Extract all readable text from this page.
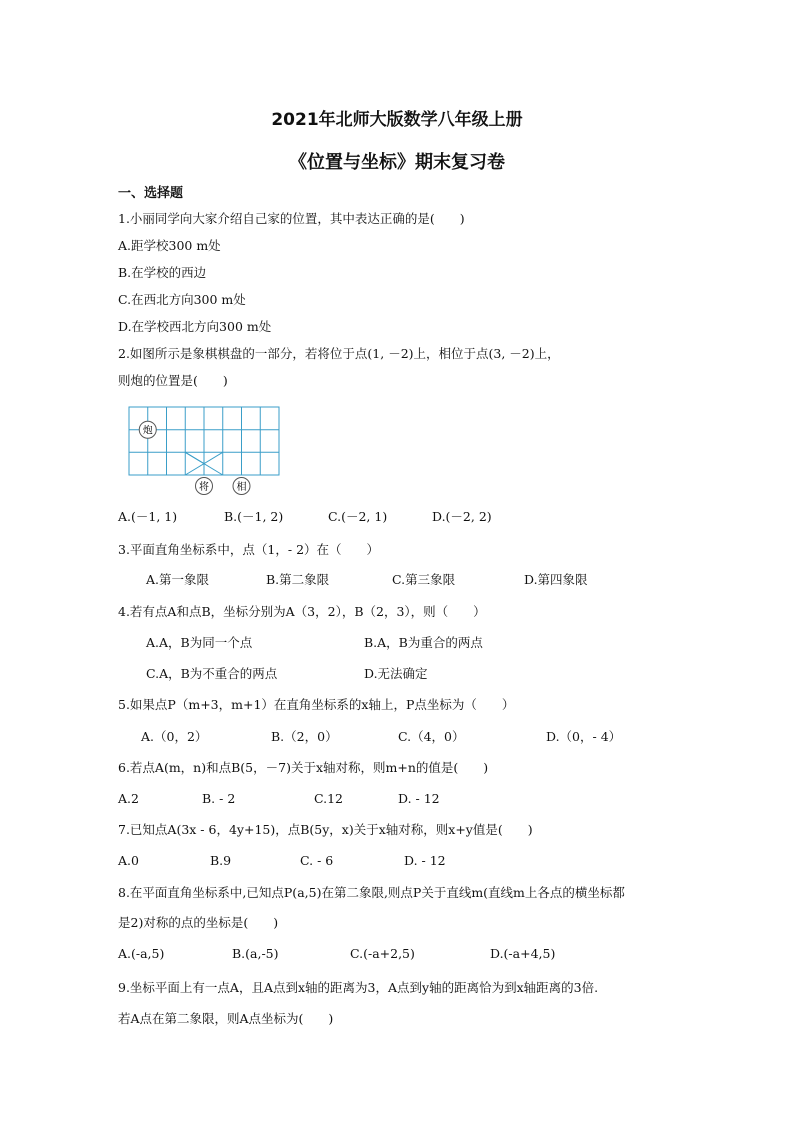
2021年北师大版数学八年级上册
《位置与坐标》期末复习卷
一、选择题
1.小丽同学向大家介绍自己家的位置，其中表达正确的是(　　)
A.距学校300 m处
B.在学校的西边
C.在西北方向300 m处
D.在学校西北方向300 m处
2.如图所示是象棋棋盘的一部分，若将位于点(1, －2)上，相位于点(3, －2)上，
则炮的位置是(　　)
炮
将	相
A.(－1, 1)	B.(－1, 2)	C.(－2, 1)	D.(－2, 2)
3.平面直角坐标系中，点（1，- 2）在（　　）
A.第一象限	B.第二象限	C.第三象限	D.第四象限
4.若有点A和点B，坐标分别为A（3，2），B（2，3），则（　　）
A.A，B为同一个点	B.A，B为重合的两点
C.A，B为不重合的两点	D.无法确定
5.如果点P（m+3，m+1）在直角坐标系的x轴上，P点坐标为（　　）
A.（0，2）	B.（2，0）	C.（4，0）	D.（0，- 4）
6.若点A(m，n)和点B(5，－7)关于x轴对称，则m+n的值是(　　)
A.2	B. - 2	C.12	D. - 12
7.已知点A(3x - 6，4y+15)，点B(5y，x)关于x轴对称，则x+y值是(　　)
A.0	B.9	C. - 6	D. - 12
8.在平面直角坐标系中,已知点P(a,5)在第二象限,则点P关于直线m(直线m上各点的横坐标都
是2)对称的点的坐标是(　　)
A.(-a,5)	B.(a,-5)	C.(-a+2,5)	D.(-a+4,5)
9.坐标平面上有一点A，且A点到x轴的距离为3，A点到y轴的距离恰为到x轴距离的3倍.
若A点在第二象限，则A点坐标为(　　)
